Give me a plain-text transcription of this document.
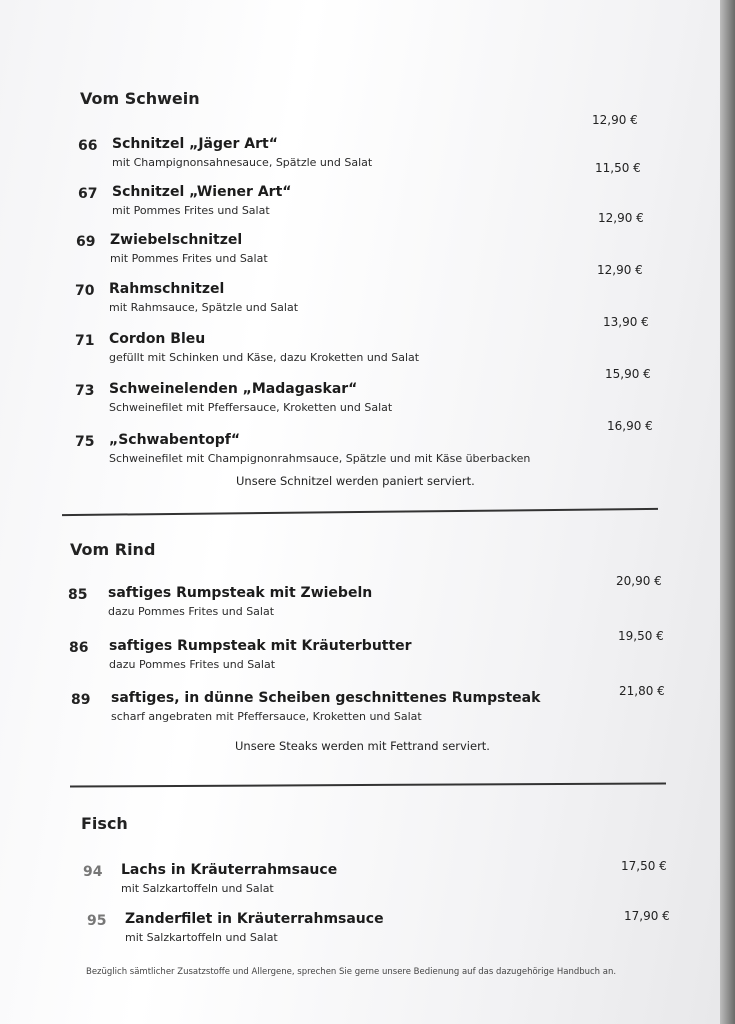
Vom Schwein
66 Schnitzel „Jäger Art“
mit Champignonsahnesauce, Spätzle und Salat
12,90 €
67 Schnitzel „Wiener Art“
mit Pommes Frites und Salat
11,50 €
69 Zwiebelschnitzel
mit Pommes Frites und Salat
12,90 €
70 Rahmschnitzel
mit Rahmsauce, Spätzle und Salat
12,90 €
71 Cordon Bleu
gefüllt mit Schinken und Käse, dazu Kroketten und Salat
13,90 €
73 Schweinelenden „Madagaskar“
Schweinefilet mit Pfeffersauce, Kroketten und Salat
15,90 €
75 „Schwabentopf“
Schweinefilet mit Champignonrahmsauce, Spätzle und mit Käse überbacken
16,90 €
Unsere Schnitzel werden paniert serviert.
Vom Rind
85 saftiges Rumpsteak mit Zwiebeln
dazu Pommes Frites und Salat
20,90 €
86 saftiges Rumpsteak mit Kräuterbutter
dazu Pommes Frites und Salat
19,50 €
89 saftiges, in dünne Scheiben geschnittenes Rumpsteak
scharf angebraten mit Pfeffersauce, Kroketten und Salat
21,80 €
Unsere Steaks werden mit Fettrand serviert.
Fisch
94 Lachs in Kräuterrahmsauce
mit Salzkartoffeln und Salat
17,50 €
95 Zanderfilet in Kräuterrahmsauce
mit Salzkartoffeln und Salat
17,90 €
Bezüglich sämtlicher Zusatzstoffe und Allergene, sprechen Sie gerne unsere Bedienung auf das dazugehörige Handbuch an.
